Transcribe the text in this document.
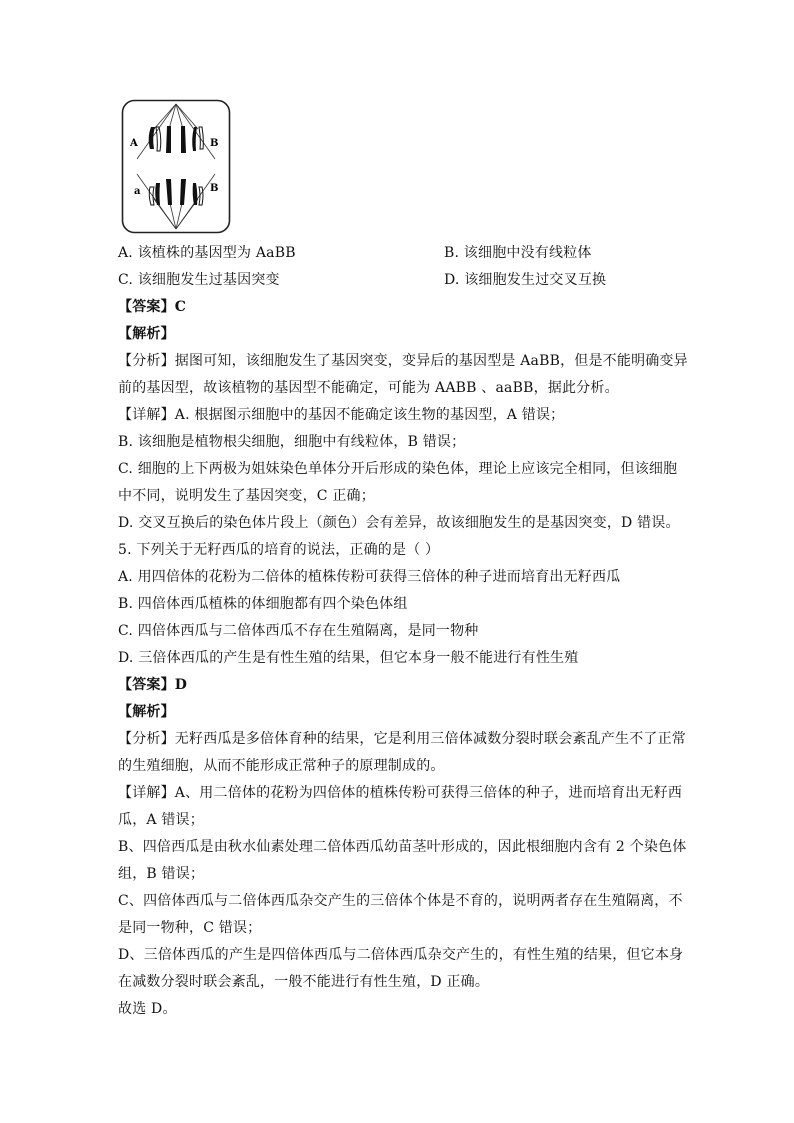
A	B
a	B
A. 该植株的基因型为 AaBB	B. 该细胞中没有线粒体
C. 该细胞发生过基因突变	D. 该细胞发生过交叉互换
【答案】C
【解析】
【分析】据图可知，该细胞发生了基因突变，变异后的基因型是 AaBB，但是不能明确变异
前的基因型，故该植物的基因型不能确定，可能为 AABB 、aaBB，据此分析。
【详解】A. 根据图示细胞中的基因不能确定该生物的基因型，A 错误；
B. 该细胞是植物根尖细胞，细胞中有线粒体，B 错误；
C. 细胞的上下两极为姐妹染色单体分开后形成的染色体，理论上应该完全相同，但该细胞
中不同，说明发生了基因突变，C 正确；
D. 交叉互换后的染色体片段上（颜色）会有差异，故该细胞发生的是基因突变，D 错误。
5. 下列关于无籽西瓜的培育的说法，正确的是（ ）
A. 用四倍体的花粉为二倍体的植株传粉可获得三倍体的种子进而培育出无籽西瓜
B. 四倍体西瓜植株的体细胞都有四个染色体组
C. 四倍体西瓜与二倍体西瓜不存在生殖隔离，是同一物种
D. 三倍体西瓜的产生是有性生殖的结果，但它本身一般不能进行有性生殖
【答案】D
【解析】
【分析】无籽西瓜是多倍体育种的结果，它是利用三倍体减数分裂时联会紊乱产生不了正常
的生殖细胞，从而不能形成正常种子的原理制成的。
【详解】A、用二倍体的花粉为四倍体的植株传粉可获得三倍体的种子，进而培育出无籽西
瓜，A 错误；
B、四倍西瓜是由秋水仙素处理二倍体西瓜幼苗茎叶形成的，因此根细胞内含有 2 个染色体
组，B 错误；
C、四倍体西瓜与二倍体西瓜杂交产生的三倍体个体是不育的，说明两者存在生殖隔离，不
是同一物种，C 错误；
D、三倍体西瓜的产生是四倍体西瓜与二倍体西瓜杂交产生的，有性生殖的结果，但它本身
在减数分裂时联会紊乱，一般不能进行有性生殖，D 正确。
故选 D。
